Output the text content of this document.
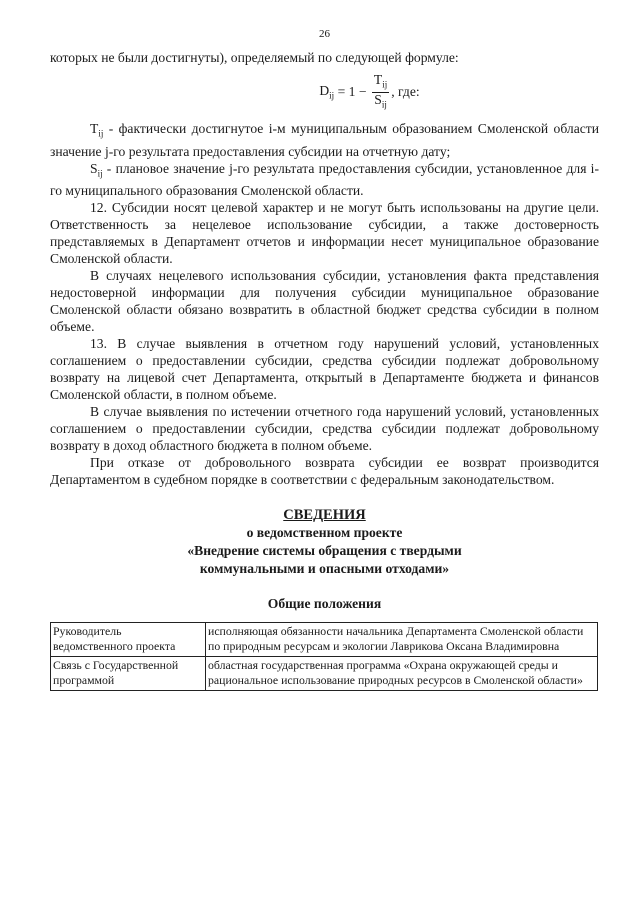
26

которых не были достигнуты), определяемый по следующей формуле:

$D_{ij} = 1 - \frac{T_{ij}}{S_{ij}}$ , где:

$T_{ij}$ - фактически достигнутое i-м муниципальным образованием Смоленской области значение j-го результата предоставления субсидии на отчетную дату;

$S_{ij}$ - плановое значение j-го результата предоставления субсидии, установленное для i-го муниципального образования Смоленской области.

12. Субсидии носят целевой характер и не могут быть использованы на другие цели. Ответственность за нецелевое использование субсидии, а также достоверность представляемых в Департамент отчетов и информации несет муниципальное образование Смоленской области.

В случаях нецелевого использования субсидии, установления факта представления недостоверной информации для получения субсидии муниципальное образование Смоленской области обязано возвратить в областной бюджет средства субсидии в полном объеме.

13. В случае выявления в отчетном году нарушений условий, установленных соглашением о предоставлении субсидии, средства субсидии подлежат добровольному возврату на лицевой счет Департамента, открытый в Департаменте бюджета и финансов Смоленской области, в полном объеме.

В случае выявления по истечении отчетного года нарушений условий, установленных соглашением о предоставлении субсидии, средства субсидии подлежат добровольному возврату в доход областного бюджета в полном объеме.

При отказе от добровольного возврата субсидии ее возврат производится Департаментом в судебном порядке в соответствии с федеральным законодательством.

СВЕДЕНИЯ
о ведомственном проекте
«Внедрение системы обращения с твердыми
коммунальными и опасными отходами»
Общие положения
Руководитель ведомственного проекта	исполняющая обязанности начальника Департамента Смоленской области по природным ресурсам и экологии Лаврикова Оксана Владимировна
Связь с Государственной программой	областная государственная программа «Охрана окружающей среды и рациональное использование природных ресурсов в Смоленской области»
